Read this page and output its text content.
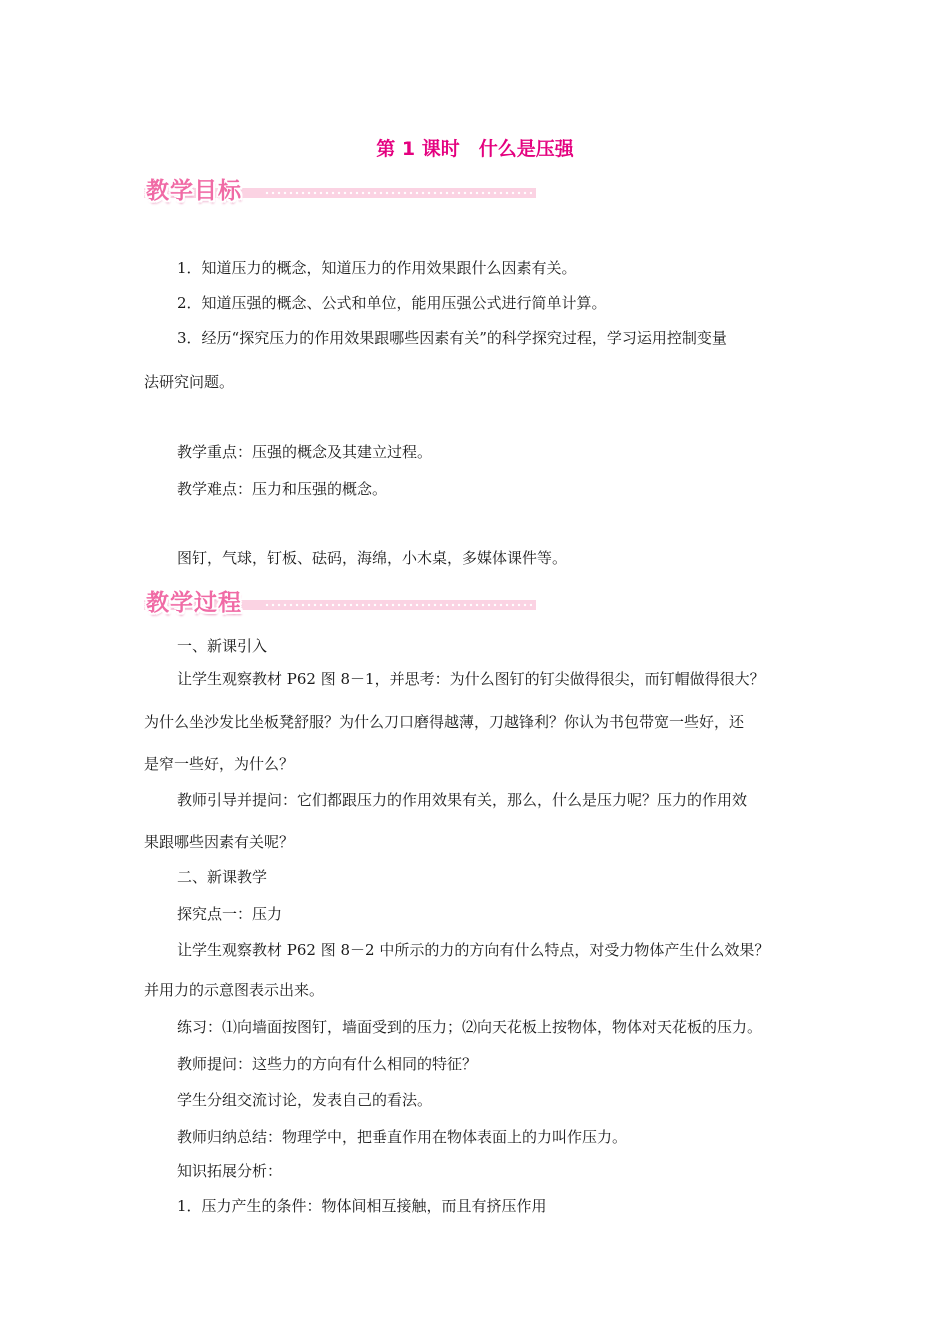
第 1 课时　什么是压强
教学目标
1．知道压力的概念，知道压力的作用效果跟什么因素有关。
2．知道压强的概念、公式和单位，能用压强公式进行简单计算。
3．经历“探究压力的作用效果跟哪些因素有关”的科学探究过程，学习运用控制变量
法研究问题。
教学重点：压强的概念及其建立过程。
教学难点：压力和压强的概念。
图钉，气球，钉板、砝码，海绵，小木桌，多媒体课件等。
教学过程
一、新课引入
让学生观察教材 P62 图 8－1，并思考：为什么图钉的钉尖做得很尖，而钉帽做得很大？
为什么坐沙发比坐板凳舒服？为什么刀口磨得越薄，刀越锋利？你认为书包带宽一些好，还
是窄一些好，为什么？
教师引导并提问：它们都跟压力的作用效果有关，那么，什么是压力呢？压力的作用效
果跟哪些因素有关呢？
二、新课教学
探究点一：压力
让学生观察教材 P62 图 8－2 中所示的力的方向有什么特点，对受力物体产生什么效果？
并用力的示意图表示出来。
练习：⑴向墙面按图钉，墙面受到的压力；⑵向天花板上按物体，物体对天花板的压力。
教师提问：这些力的方向有什么相同的特征？
学生分组交流讨论，发表自己的看法。
教师归纳总结：物理学中，把垂直作用在物体表面上的力叫作压力。
知识拓展分析：
1．压力产生的条件：物体间相互接触，而且有挤压作用
